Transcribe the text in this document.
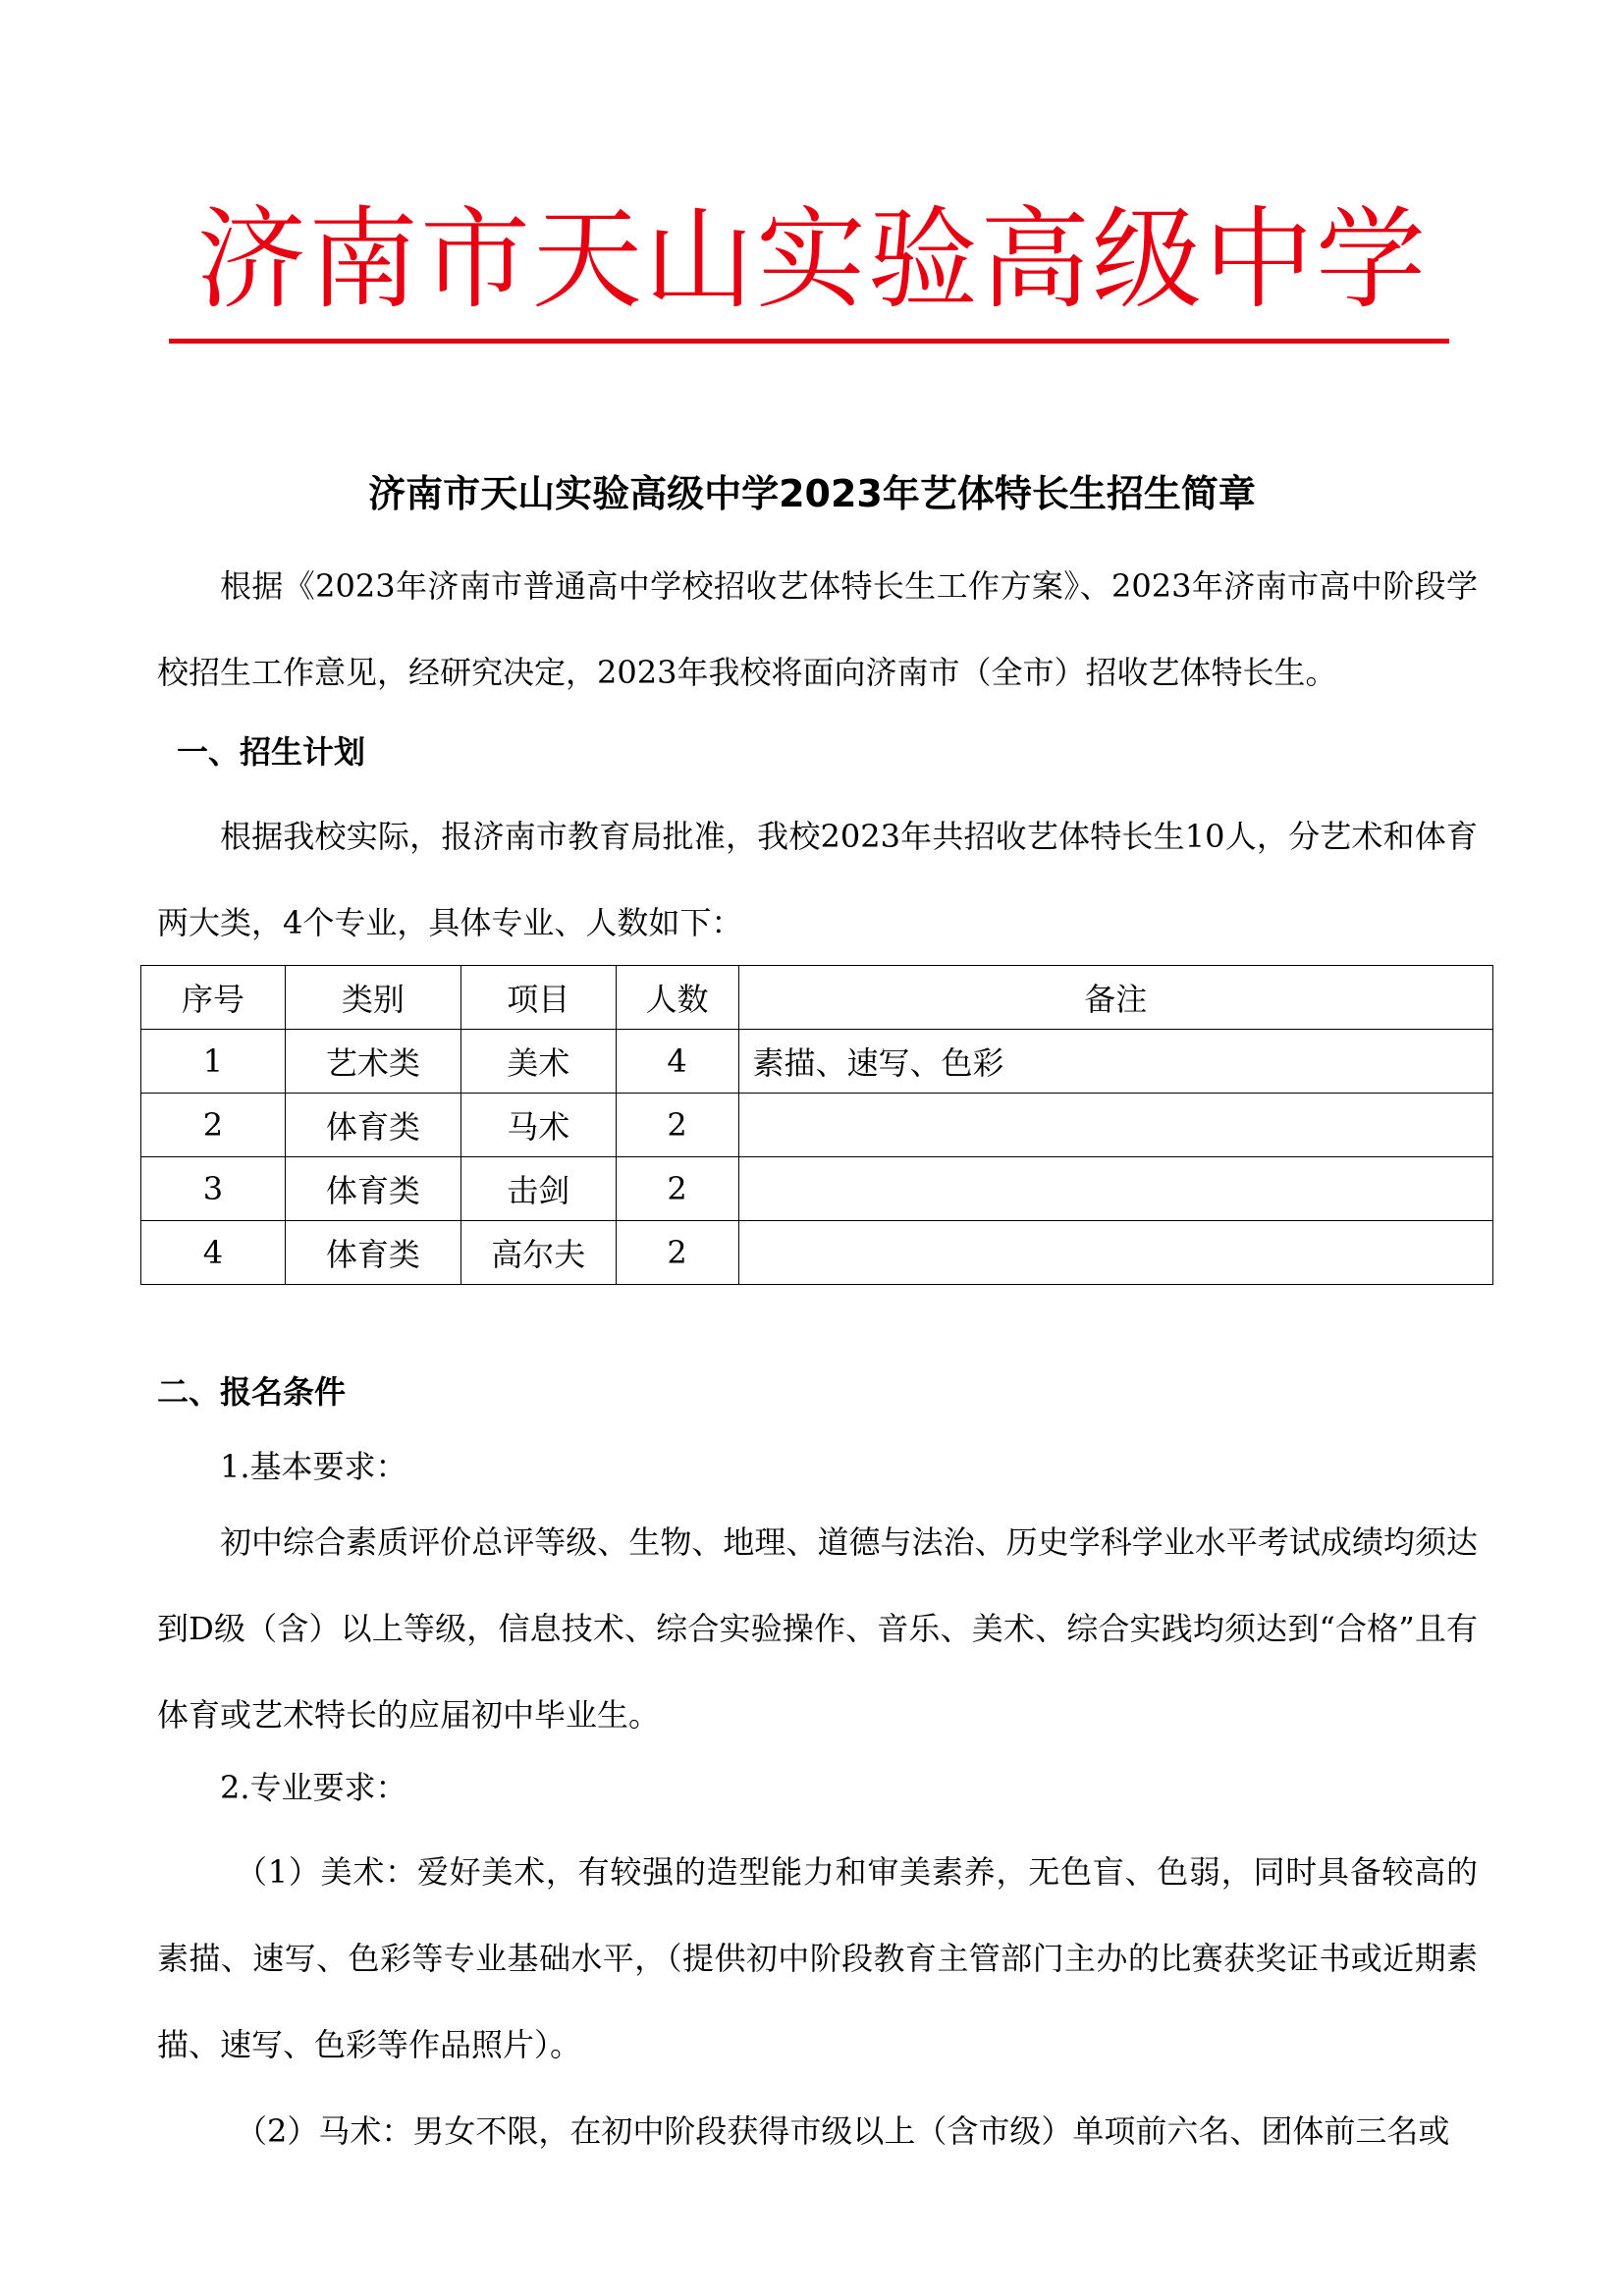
济南市天山实验高级中学
济南市天山实验高级中学2023年艺体特长生招生简章

根据《2023年济南市普通高中学校招收艺体特长生工作方案》、2023年济南市高中阶段学校招生工作意见，经研究决定，2023年我校将面向济南市（全市）招收艺体特长生。

一、招生计划

根据我校实际，报济南市教育局批准，我校2023年共招收艺体特长生10人，分艺术和体育两大类，4个专业，具体专业、人数如下：

序号	类别	项目	人数	备注
1	艺术类	美术	4	素描、速写、色彩
2	体育类	马术	2	
3	体育类	击剑	2	
4	体育类	高尔夫	2	
二、报名条件
1.基本要求：

初中综合素质评价总评等级、生物、地理、道德与法治、历史学科学业水平考试成绩均须达到D级（含）以上等级，信息技术、综合实验操作、音乐、美术、综合实践均须达到“合格”且有体育或艺术特长的应届初中毕业生。

2.专业要求：

（1）美术：爱好美术，有较强的造型能力和审美素养，无色盲、色弱，同时具备较高的素描、速写、色彩等专业基础水平，（提供初中阶段教育主管部门主办的比赛获奖证书或近期素描、速写、色彩等作品照片）。

（2）马术：男女不限，在初中阶段获得市级以上（含市级）单项前六名、团体前三名或
